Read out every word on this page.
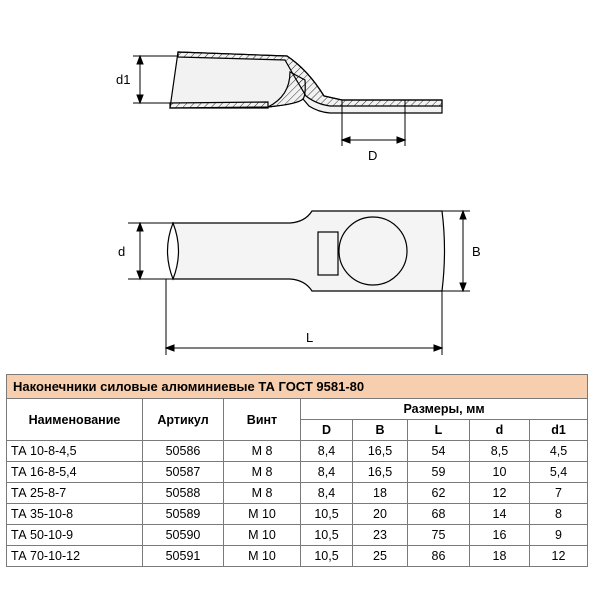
d1
D
d	B
L
Наконечники силовые алюминиевые ТА ГОСТ 9581-80							
Наименование	Артикул	Винт	Размеры, мм				
			D	B	L	d	d1
ТА 10-8-4,5	50586	М 8	8,4	16,5	54	8,5	4,5
ТА 16-8-5,4	50587	М 8	8,4	16,5	59	10	5,4
ТА 25-8-7	50588	М 8	8,4	18	62	12	7
ТА 35-10-8	50589	М 10	10,5	20	68	14	8
ТА 50-10-9	50590	М 10	10,5	23	75	16	9
ТА 70-10-12	50591	М 10	10,5	25	86	18	12
